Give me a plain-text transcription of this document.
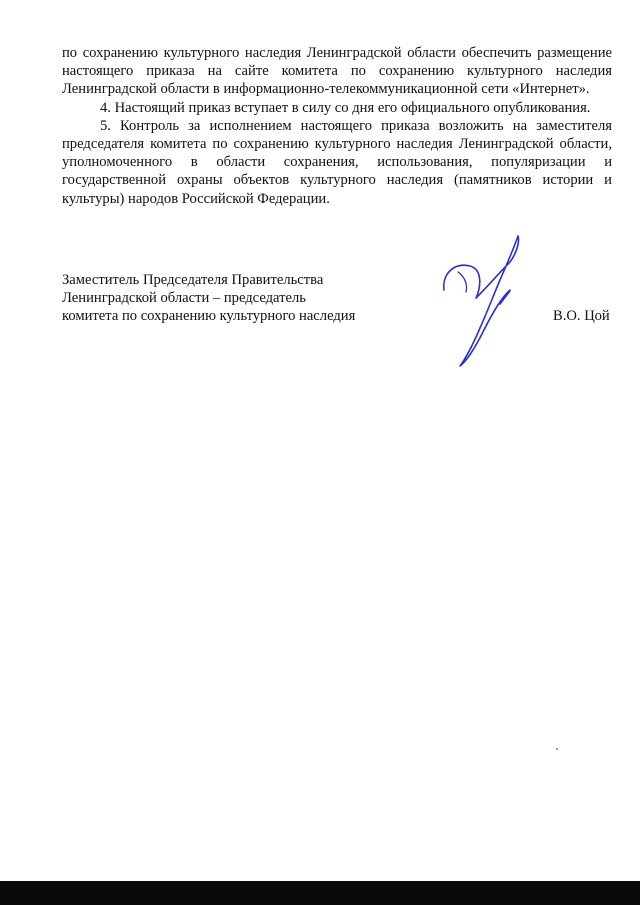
по сохранению культурного наследия Ленинградской области обеспечить размещение настоящего приказа на сайте комитета по сохранению культурного наследия Ленинградской области в информационно-телекоммуникационной сети «Интернет».

4. Настоящий приказ вступает в силу со дня его официального опубликования.

5. Контроль за исполнением настоящего приказа возложить на заместителя председателя комитета по сохранению культурного наследия Ленинградской области, уполномоченного в области сохранения, использования, популяризации и государственной охраны объектов культурного наследия (памятников истории и культуры) народов Российской Федерации.

Заместитель Председателя Правительства
Ленинградской области – председатель
комитета по сохранению культурного наследия	В.О. Цой
